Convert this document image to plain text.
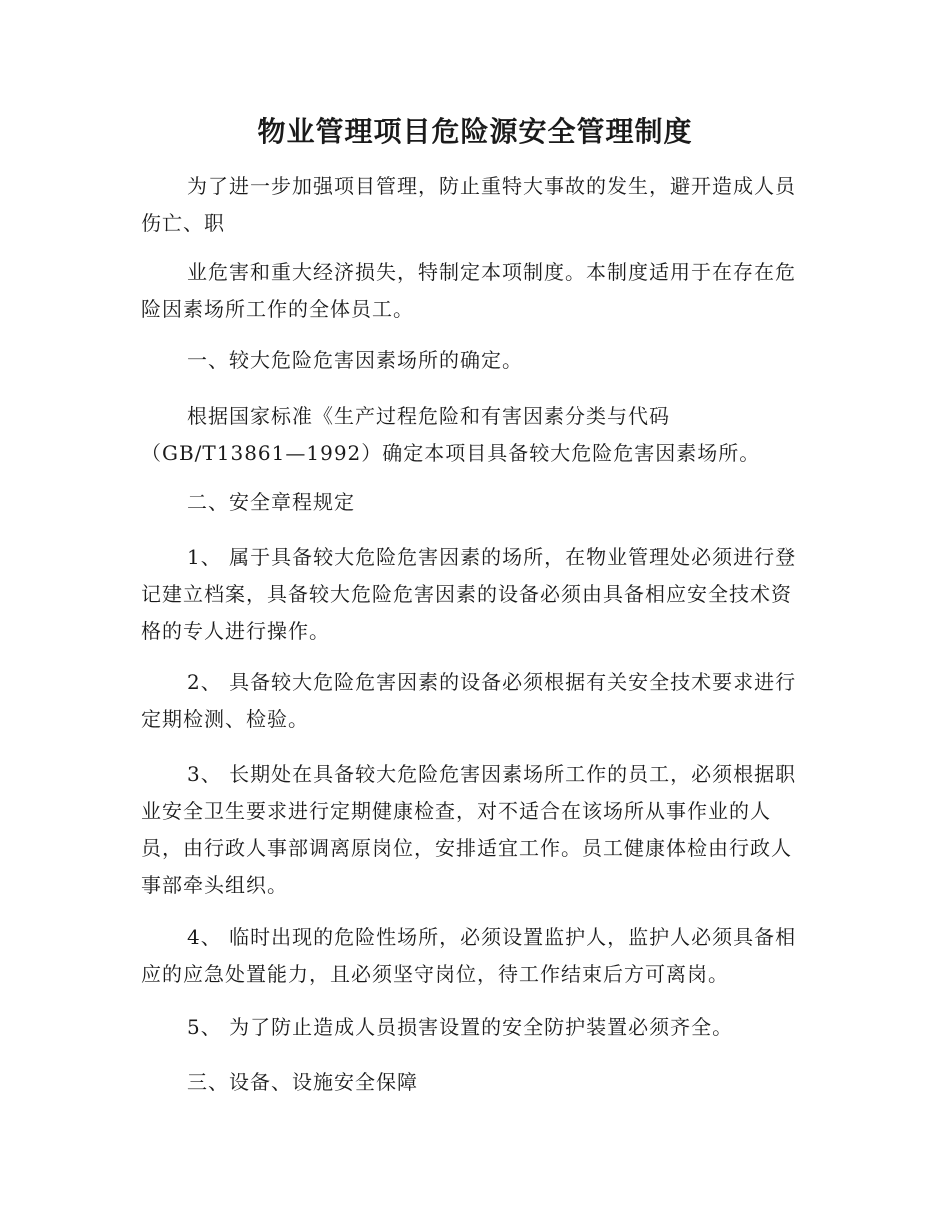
物业管理项目危险源安全管理制度

为了进一步加强项目管理，防止重特大事故的发生，避开造成人员伤亡、职

业危害和重大经济损失，特制定本项制度。本制度适用于在存在危险因素场所工作的全体员工。

一、较大危险危害因素场所的确定。

根据国家标准《生产过程危险和有害因素分类与代码（GB/T13861—1992）确定本项目具备较大危险危害因素场所。

二、安全章程规定

1、 属于具备较大危险危害因素的场所，在物业管理处必须进行登记建立档案，具备较大危险危害因素的设备必须由具备相应安全技术资格的专人进行操作。

2、 具备较大危险危害因素的设备必须根据有关安全技术要求进行定期检测、检验。

3、 长期处在具备较大危险危害因素场所工作的员工，必须根据职业安全卫生要求进行定期健康检查，对不适合在该场所从事作业的人员，由行政人事部调离原岗位，安排适宜工作。员工健康体检由行政人事部牵头组织。

4、 临时出现的危险性场所，必须设置监护人，监护人必须具备相应的应急处置能力，且必须坚守岗位，待工作结束后方可离岗。

5、 为了防止造成人员损害设置的安全防护装置必须齐全。

三、设备、设施安全保障
